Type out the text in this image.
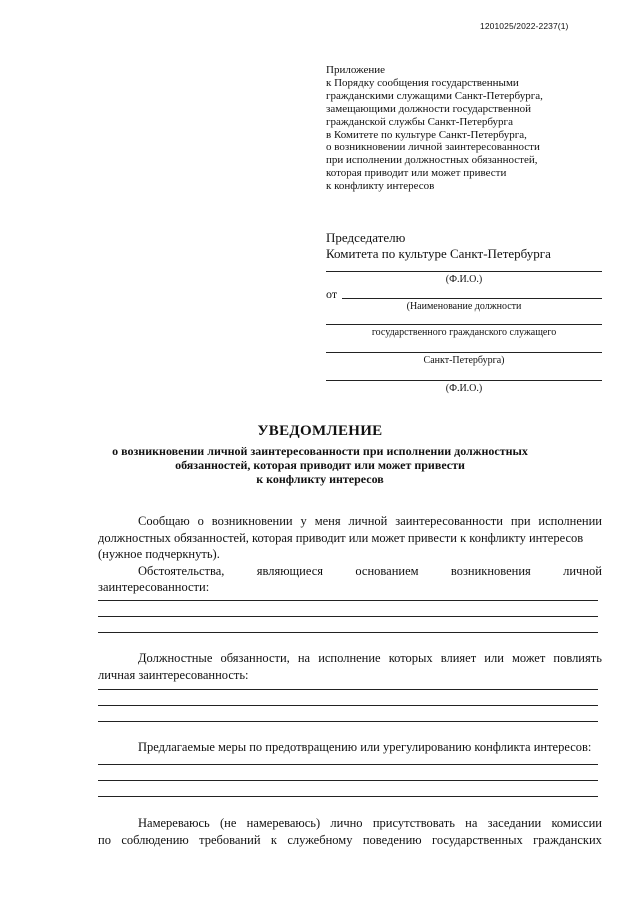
1201025/2022-2237(1)
Приложение
к Порядку сообщения государственными
гражданскими служащими Санкт-Петербурга,
замещающими должности государственной
гражданской службы Санкт-Петербурга
в Комитете по культуре Санкт-Петербурга,
о возникновении личной заинтересованности
при исполнении должностных обязанностей,
которая приводит или может привести
к конфликту интересов
Председателю
Комитета по культуре Санкт-Петербурга
(Ф.И.О.)
от
(Наименование должности
государственного гражданского служащего
Санкт-Петербурга)
(Ф.И.О.)
УВЕДОМЛЕНИЕ
о возникновении личной заинтересованности при исполнении должностных
обязанностей, которая приводит или может привести
к конфликту интересов
Сообщаю о возникновении у меня личной заинтересованности при исполнении
должностных обязанностей, которая приводит или может привести к конфликту интересов
(нужное подчеркнуть).
Обстоятельства,	являющиеся	основанием	возникновения	личной
заинтересованности:
Должностные обязанности, на исполнение которых влияет или может повлиять
личная заинтересованность:
Предлагаемые меры по предотвращению или урегулированию конфликта интересов:
Намереваюсь (не намереваюсь) лично присутствовать на заседании комиссии
по соблюдению требований к служебному поведению государственных гражданских
